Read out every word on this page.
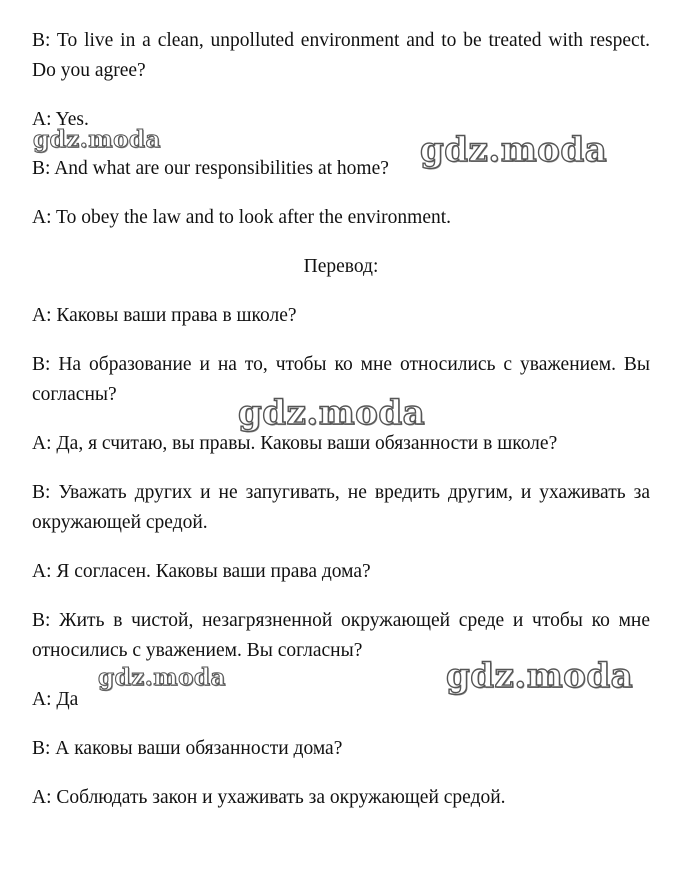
B: To live in a clean, unpolluted environment and to be treated with respect. Do you agree?

A: Yes.

B: And what are our responsibilities at home?

A: To obey the law and to look after the environment.

Перевод:

А: Каковы ваши права в школе?

В: На образование и на то, чтобы ко мне относились с уважением. Вы согласны?

А: Да, я считаю, вы правы. Каковы ваши обязанности в школе?

В: Уважать других и не запугивать, не вредить другим, и ухаживать за окружающей средой.

А: Я согласен. Каковы ваши права дома?

В: Жить в чистой, незагрязненной окружающей среде и чтобы ко мне относились с уважением. Вы согласны?

А: Да

В: А каковы ваши обязанности дома?

А: Соблюдать закон и ухаживать за окружающей средой.

gdz.moda	gdz.moda
gdz.moda
gdz.moda	gdz.moda
